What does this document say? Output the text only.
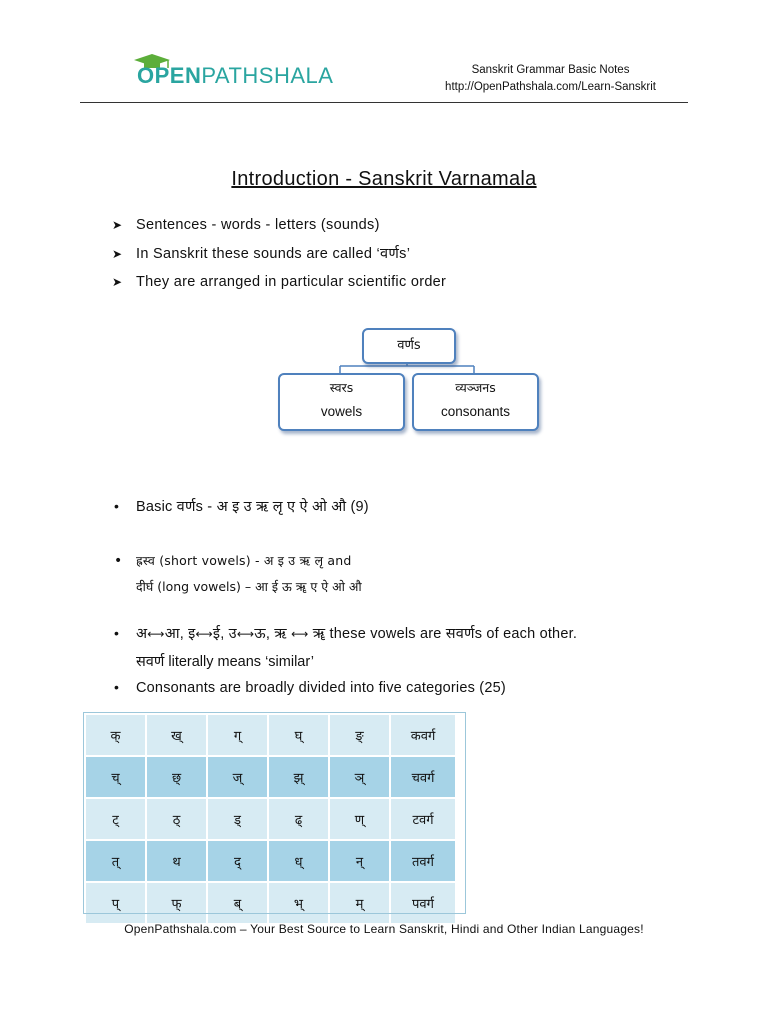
OPENPATHSHALA	Sanskrit Grammar Basic Notes
http://OpenPathshala.com/Learn-Sanskrit
Introduction - Sanskrit Varnamala
➤ Sentences - words - letters (sounds)
➤ In Sanskrit these sounds are called ‘वर्णs’
➤ They are arranged in particular scientific order
वर्णs
स्वरs
vowels
व्यञ्जनs
consonants
• Basic वर्णs - अ इ उ ऋ लृ ए ऐ ओ औ (9)
• ह्रस्व (short vowels) - अ इ उ ऋ लृ and
दीर्घ (long vowels) – आ ई ऊ ॠ ए ऐ ओ औ
• अ⟷आ, इ⟷ई, उ⟷ऊ, ऋ ⟷ ॠ these vowels are सवर्णs of each other.
सवर्ण literally means ‘similar’
• Consonants are broadly divided into five categories (25)
क्	ख्	ग्	घ्	ङ्	कवर्ग
च्	छ्	ज्	झ्	ञ्	चवर्ग
ट्	ठ्	ड्	ढ्	ण्	टवर्ग
त्	थ	द्	ध्	न्	तवर्ग
प्	फ्	ब्	भ्	म्	पवर्ग
OpenPathshala.com – Your Best Source to Learn Sanskrit, Hindi and Other Indian Languages!
